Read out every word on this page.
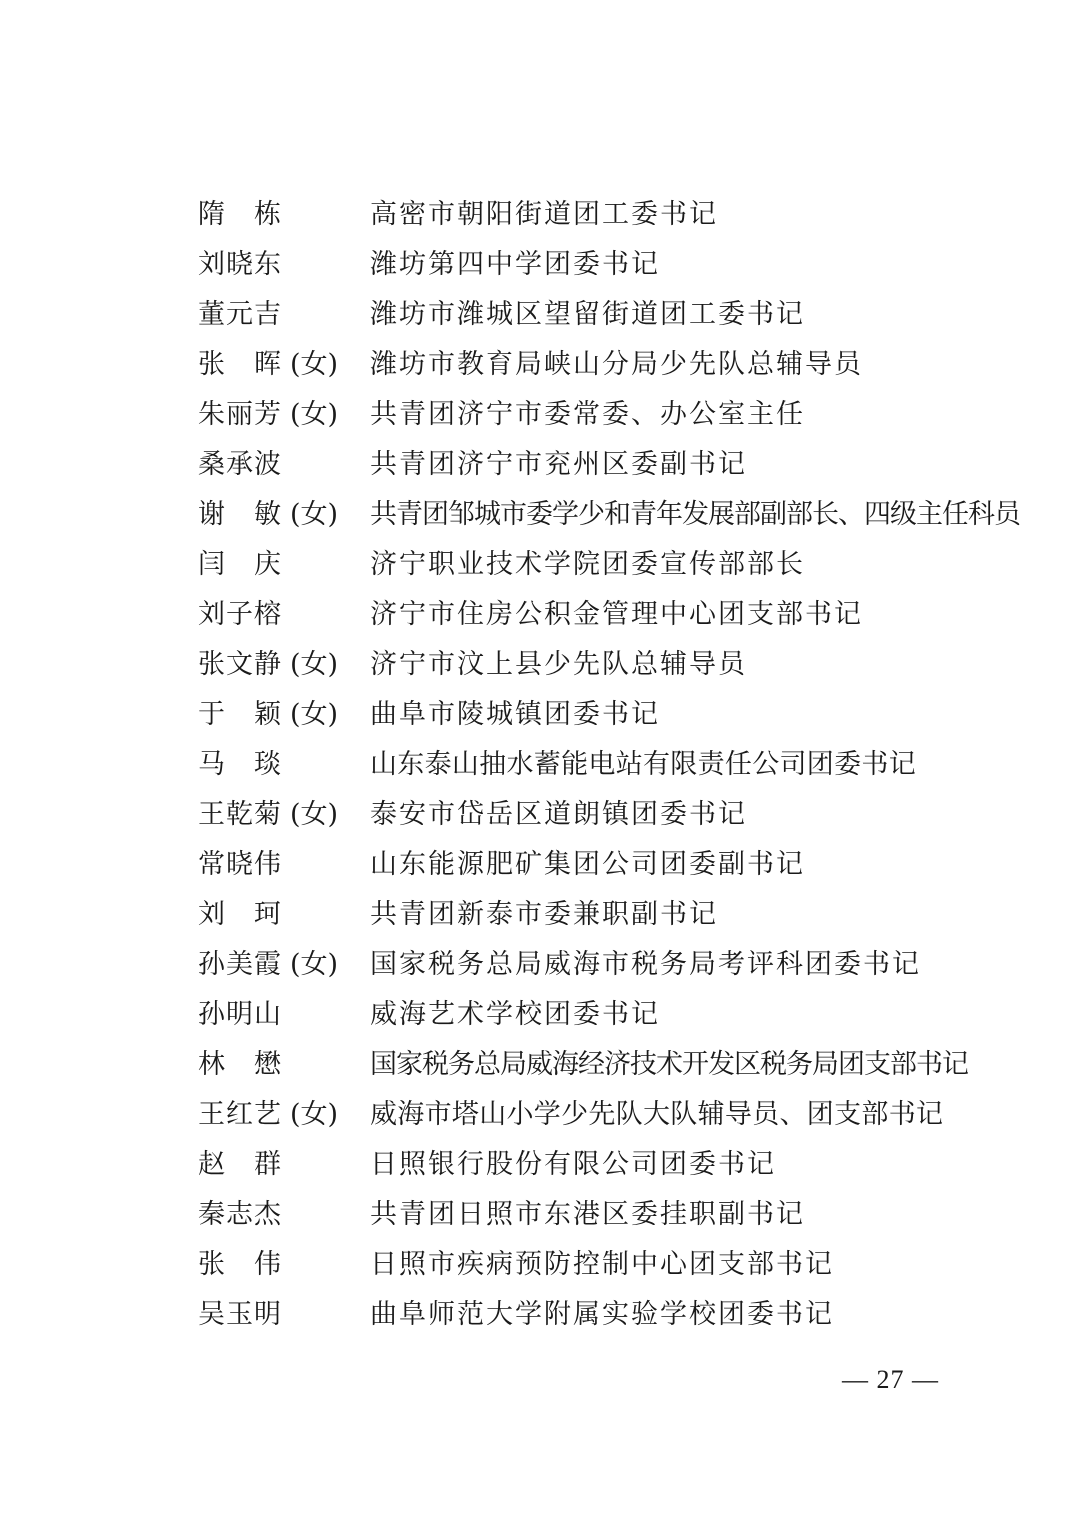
隋 栋	高密市朝阳街道团工委书记
刘晓东	潍坊第四中学团委书记
董元吉	潍坊市潍城区望留街道团工委书记
张 晖 (女) 潍坊市教育局峡山分局少先队总辅导员
朱丽芳 (女) 共青团济宁市委常委、办公室主任
桑承波	共青团济宁市兖州区委副书记
谢 敏 (女) 共青团邹城市委学少和青年发展部副部长、四级主任科员
闫 庆	济宁职业技术学院团委宣传部部长
刘子榕	济宁市住房公积金管理中心团支部书记
张文静 (女) 济宁市汶上县少先队总辅导员
于 颖 (女) 曲阜市陵城镇团委书记
马 琰	山东泰山抽水蓄能电站有限责任公司团委书记
王乾菊 (女) 泰安市岱岳区道朗镇团委书记
常晓伟	山东能源肥矿集团公司团委副书记
刘 珂	共青团新泰市委兼职副书记
孙美霞 (女) 国家税务总局威海市税务局考评科团委书记
孙明山	威海艺术学校团委书记
林 懋	国家税务总局威海经济技术开发区税务局团支部书记
王红艺 (女) 威海市塔山小学少先队大队辅导员、团支部书记
赵 群	日照银行股份有限公司团委书记
秦志杰	共青团日照市东港区委挂职副书记
张 伟	日照市疾病预防控制中心团支部书记
吴玉明	曲阜师范大学附属实验学校团委书记
— 27 —
